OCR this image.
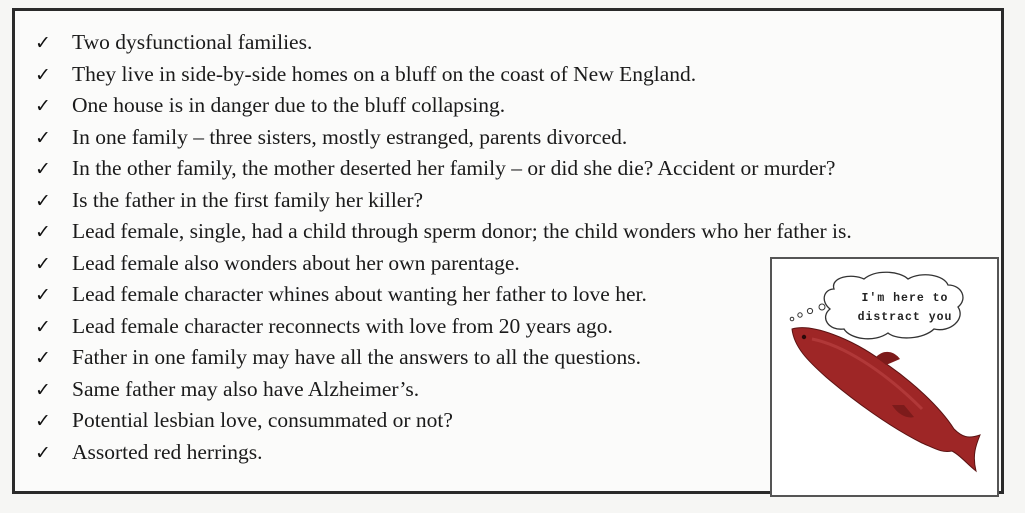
✓ Two dysfunctional families.
✓ They live in side-by-side homes on a bluff on the coast of New England.
✓ One house is in danger due to the bluff collapsing.
✓ In one family – three sisters, mostly estranged, parents divorced.
✓ In the other family, the mother deserted her family – or did she die? Accident or murder?
✓ Is the father in the first family her killer?
✓ Lead female, single, had a child through sperm donor; the child wonders who her father is.
✓ Lead female also wonders about her own parentage.
✓ Lead female character whines about wanting her father to love her.
✓ Lead female character reconnects with love from 20 years ago.
✓ Father in one family may have all the answers to all the questions.
✓ Same father may also have Alzheimer’s.
✓ Potential lesbian love, consummated or not?
✓ Assorted red herrings.
I'm here to
distract you
